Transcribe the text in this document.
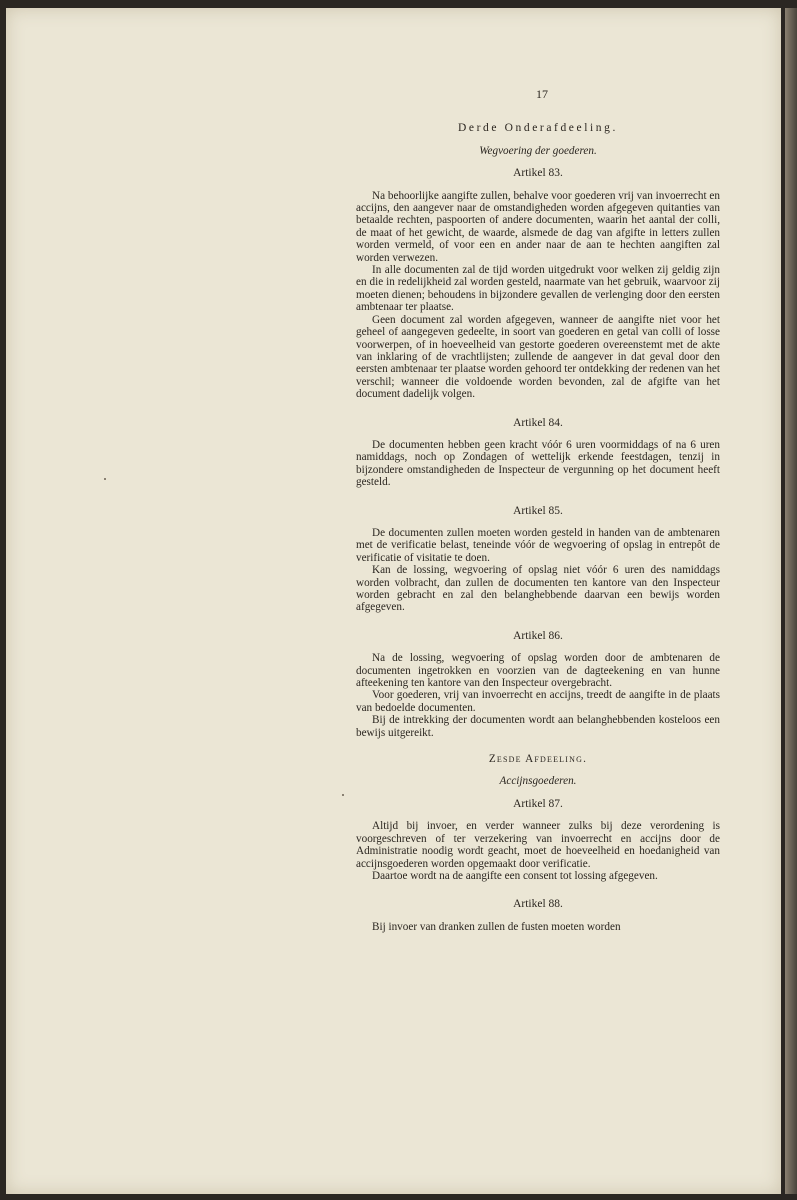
17
Derde Onderafdeeling.
Wegvoering der goederen.
Artikel 83.

Na behoorlijke aangifte zullen, behalve voor goederen vrij van invoerrecht en accijns, den aangever naar de omstandigheden worden afgegeven quitanties van betaalde rechten, paspoorten of andere documenten, waarin het aantal der colli, de maat of het gewicht, de waarde, alsmede de dag van afgifte in letters zullen worden vermeld, of voor een en ander naar de aan te hechten aangiften zal worden verwezen.

In alle documenten zal de tijd worden uitgedrukt voor welken zij geldig zijn en die in redelijkheid zal worden gesteld, naarmate van het gebruik, waarvoor zij moeten dienen; behoudens in bijzondere gevallen de verlenging door den eersten ambtenaar ter plaatse.

Geen document zal worden afgegeven, wanneer de aangifte niet voor het geheel of aangegeven gedeelte, in soort van goederen en getal van colli of losse voorwerpen, of in hoeveelheid van gestorte goederen overeenstemt met de akte van inklaring of de vrachtlijsten; zullende de aangever in dat geval door den eersten ambtenaar ter plaatse worden gehoord ter ontdekking der redenen van het verschil; wanneer die voldoende worden bevonden, zal de afgifte van het document dadelijk volgen.

Artikel 84.

De documenten hebben geen kracht vóór 6 uren voormiddags of na 6 uren namiddags, noch op Zondagen of wettelijk erkende feestdagen, tenzij in bijzondere omstandigheden de Inspecteur de vergunning op het document heeft gesteld.

Artikel 85.

De documenten zullen moeten worden gesteld in handen van de ambtenaren met de verificatie belast, teneinde vóór de wegvoering of opslag in entrepôt de verificatie of visitatie te doen.

Kan de lossing, wegvoering of opslag niet vóór 6 uren des namiddags worden volbracht, dan zullen de documenten ten kantore van den Inspecteur worden gebracht en zal den belanghebbende daarvan een bewijs worden afgegeven.

Artikel 86.

Na de lossing, wegvoering of opslag worden door de ambtenaren de documenten ingetrokken en voorzien van de dagteekening en van hunne afteekening ten kantore van den Inspecteur overgebracht.

Voor goederen, vrij van invoerrecht en accijns, treedt de aangifte in de plaats van bedoelde documenten.

Bij de intrekking der documenten wordt aan belanghebbenden kosteloos een bewijs uitgereikt.

Zesde Afdeeling.
Accijnsgoederen.
Artikel 87.

Altijd bij invoer, en verder wanneer zulks bij deze verordening is voorgeschreven of ter verzekering van invoerrecht en accijns door de Administratie noodig wordt geacht, moet de hoeveelheid en hoedanigheid van accijnsgoederen worden opgemaakt door verificatie.

Daartoe wordt na de aangifte een consent tot lossing afgegeven.

Artikel 88.

Bij invoer van dranken zullen de fusten moeten worden
